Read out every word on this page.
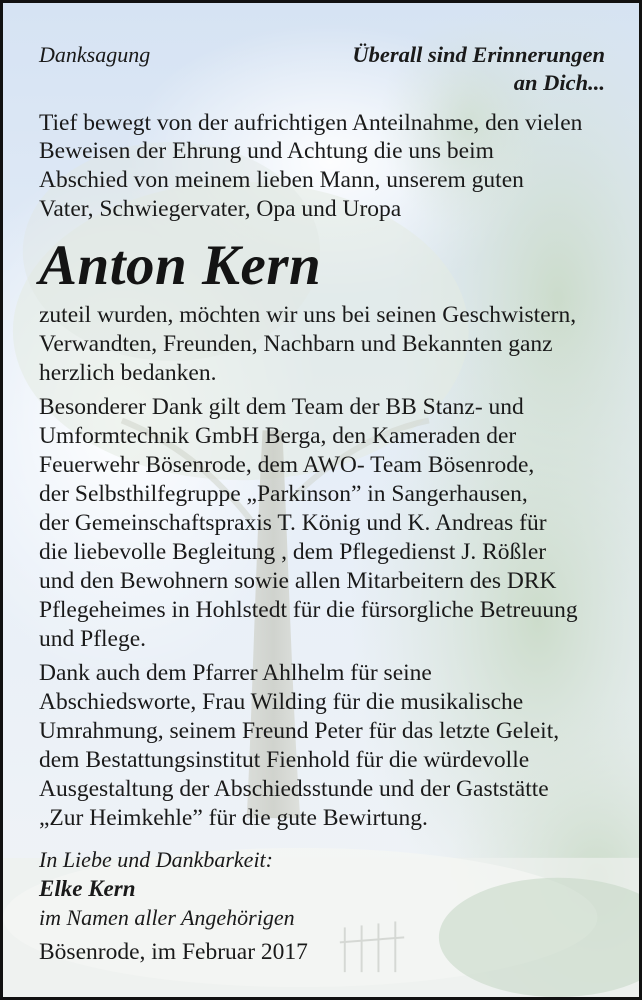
Danksagung	Überall sind Erinnerungen
an Dich...
Tief bewegt von der aufrichtigen Anteilnahme, den vielen
Beweisen der Ehrung und Achtung die uns beim
Abschied von meinem lieben Mann, unserem guten
Vater, Schwiegervater, Opa und Uropa
Anton Kern
zuteil wurden, möchten wir uns bei seinen Geschwistern,
Verwandten, Freunden, Nachbarn und Bekannten ganz
herzlich bedanken.
Besonderer Dank gilt dem Team der BB Stanz- und
Umformtechnik GmbH Berga, den Kameraden der
Feuerwehr Bösenrode, dem AWO- Team Bösenrode,
der Selbsthilfegruppe „Parkinson” in Sangerhausen,
der Gemeinschaftspraxis T. König und K. Andreas für
die liebevolle Begleitung , dem Pflegedienst J. Rößler
und den Bewohnern sowie allen Mitarbeitern des DRK
Pflegeheimes in Hohlstedt für die fürsorgliche Betreuung
und Pflege.
Dank auch dem Pfarrer Ahlhelm für seine
Abschiedsworte, Frau Wilding für die musikalische
Umrahmung, seinem Freund Peter für das letzte Geleit,
dem Bestattungsinstitut Fienhold für die würdevolle
Ausgestaltung der Abschiedsstunde und der Gaststätte
„Zur Heimkehle” für die gute Bewirtung.
In Liebe und Dankbarkeit:
Elke Kern
im Namen aller Angehörigen
Bösenrode, im Februar 2017
